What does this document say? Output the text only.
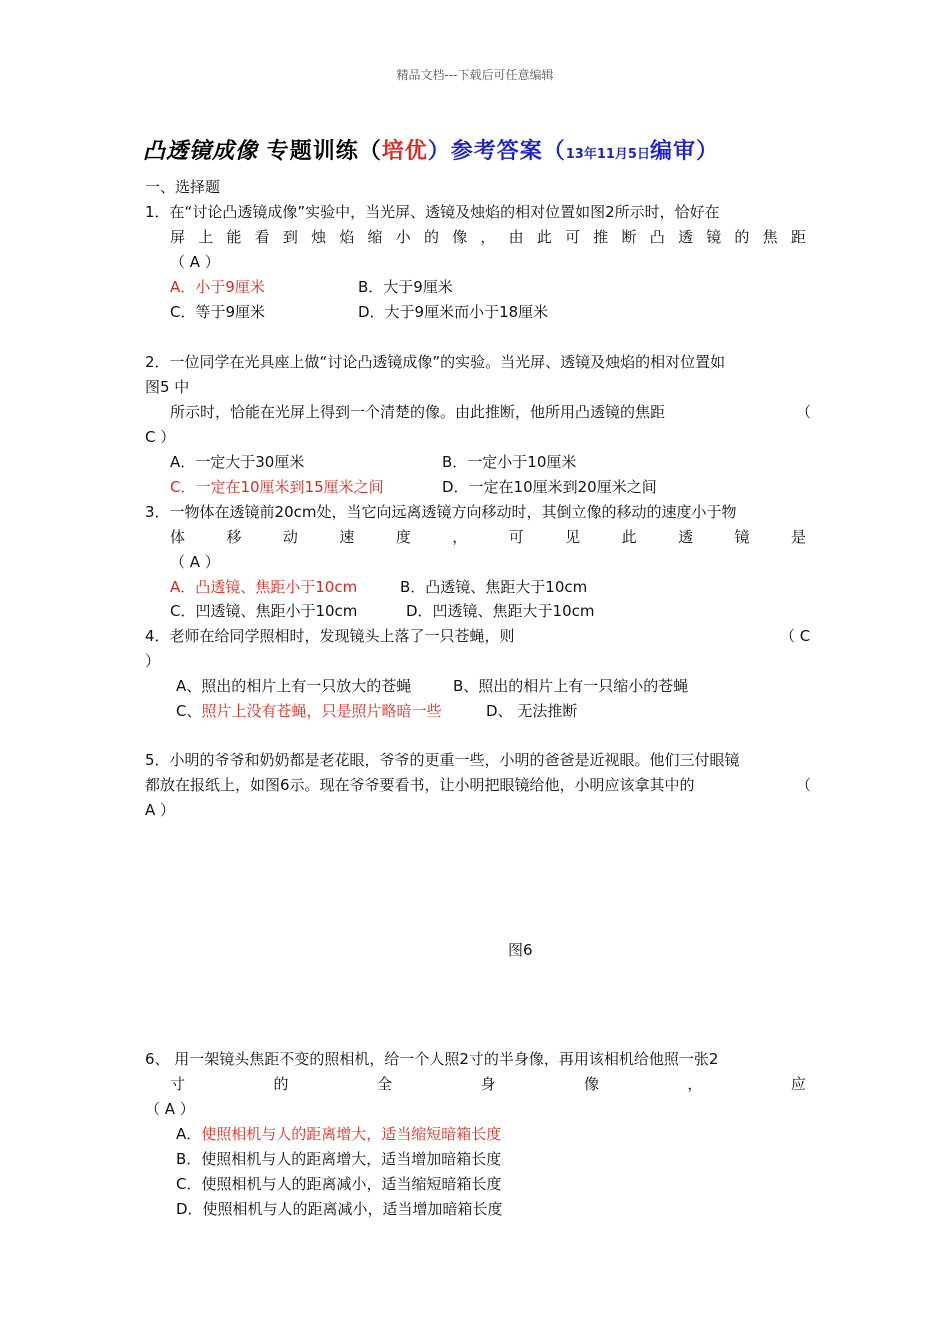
精品文档---下载后可任意编辑
凸透镜成像 专题训练（培优）参考答案（13年11月5日编审）
一、选择题
1．在“讨论凸透镜成像”实验中，当光屏、透镜及烛焰的相对位置如图2所示时，恰好在
屏 上 能 看 到 烛 焰 缩 小 的 像 ， 由 此 可 推 断 凸 透 镜 的 焦 距
（ A ）
A．小于9厘米	B．大于9厘米
C．等于9厘米	D．大于9厘米而小于18厘米
2．一位同学在光具座上做“讨论凸透镜成像”的实验。当光屏、透镜及烛焰的相对位置如
图5 中
所示时，恰能在光屏上得到一个清楚的像。由此推断，他所用凸透镜的焦距	（
C ）
A．一定大于30厘米	B．一定小于10厘米
C．一定在10厘米到15厘米之间	D．一定在10厘米到20厘米之间
3．一物体在透镜前20cm处，当它向远离透镜方向移动时，其倒立像的移动的速度小于物
体	移	动	速	度	，	可	见	此	透	镜	是
（ A ）
A．凸透镜、焦距小于10cm	B．凸透镜、焦距大于10cm
C．凹透镜、焦距小于10cm	D．凹透镜、焦距大于10cm
4．老师在给同学照相时，发现镜头上落了一只苍蝇，则	（ C
）
A、照出的相片上有一只放大的苍蝇	B、照出的相片上有一只缩小的苍蝇
C、照片上没有苍蝇，只是照片略暗一些	D、 无法推断
5．小明的爷爷和奶奶都是老花眼，爷爷的更重一些，小明的爸爸是近视眼。他们三付眼镜
都放在报纸上，如图6示。现在爷爷要看书，让小明把眼镜给他，小明应该拿其中的	（
A ）
图6
6、 用一架镜头焦距不变的照相机，给一个人照2寸的半身像，再用该相机给他照一张2
寸	的	全	身	像	，	应
（ A ）
A．使照相机与人的距离增大，适当缩短暗箱长度
B．使照相机与人的距离增大，适当增加暗箱长度
C．使照相机与人的距离减小，适当缩短暗箱长度
D．使照相机与人的距离减小，适当增加暗箱长度
